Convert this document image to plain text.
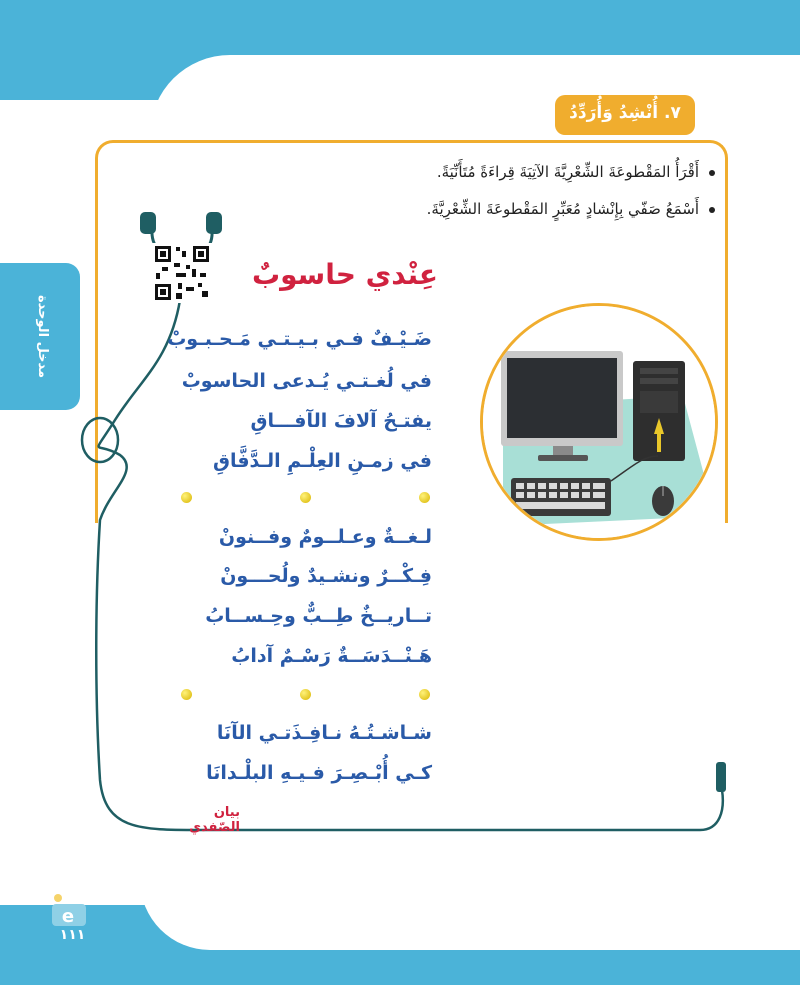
مدخل الوحدة
٧. أُنْشِدُ وَأُرَدِّدُ
أَقْرَأُ المَقْطوعَةَ الشِّعْرِيَّةَ الآتِيَةَ قِراءَةً مُتَأَنِّيَةً.
أَسْمَعُ صَفّي بِإِنْشادٍ مُعَبِّرٍ المَقْطوعَةَ الشِّعْرِيَّةَ.
عِنْدي حاسوبٌ
ضَـيْـفٌ فـي بـيـتـي مَـحـبـوبْ
في لُغـتـي يُـدعى الحاسوبْ
يفتـحُ آلافَ الآفـــاقِ
في زمـنِ العِلْـمِ الـدَّفَّاقِ
لـغــةٌ وعـلــومٌ وفــنونْ
فِـكْــرٌ ونشـيدٌ ولُحـــونْ
تــاريــخٌ طِــبٌّ وحِـســابُ
هَـنْــدَسَــةٌ رَسْـمٌ آدابُ
شـاشـتُـهُ نـافِـذَتـي الآنَا
كـي أُبْـصِـرَ فـيـهِ البلْـدانَا
بيان الصّفدي
e
١١١
